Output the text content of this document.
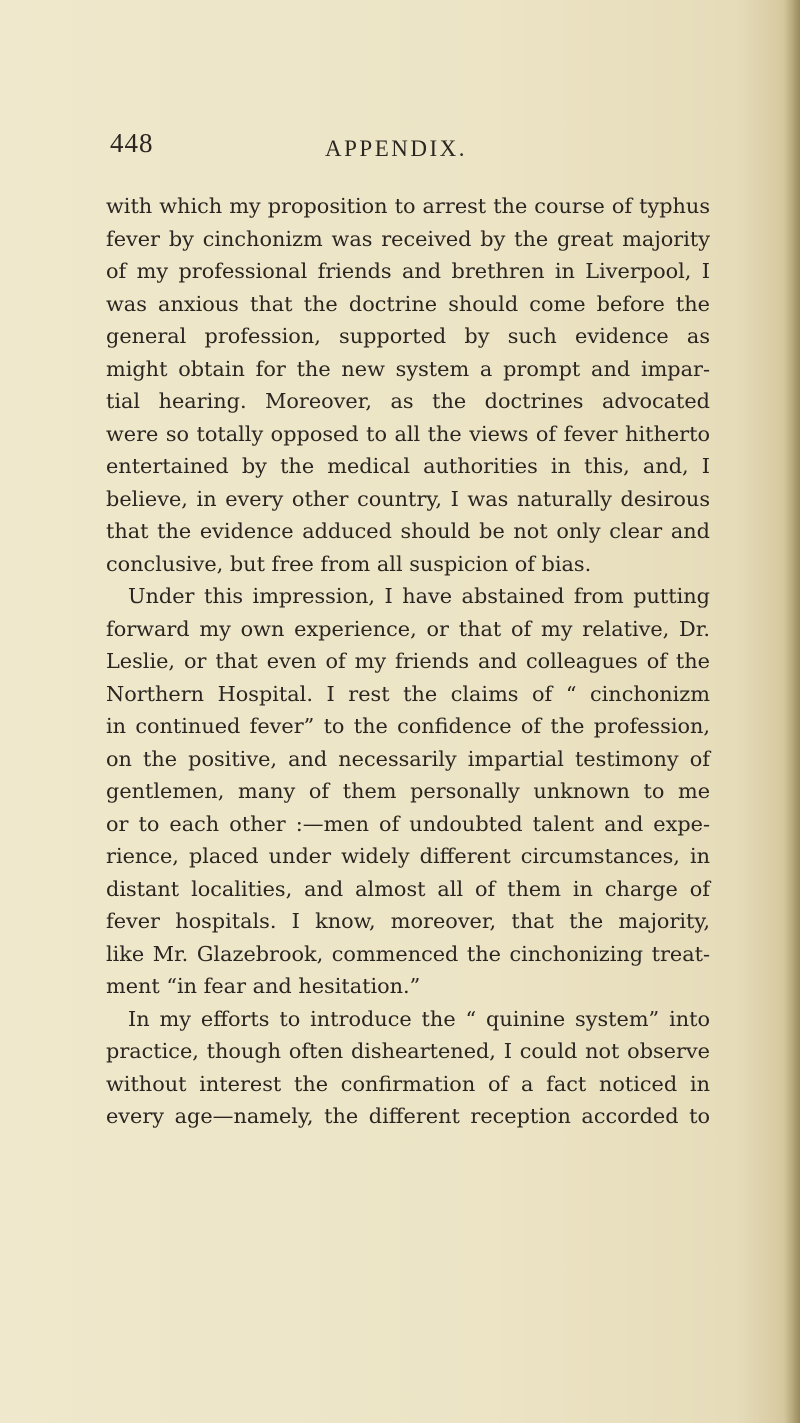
448	APPENDIX.
with which my proposition to arrest the course of typhus
fever by cinchonizm was received by the great majority
of my professional friends and brethren in Liverpool, I
was anxious that the doctrine should come before the
general profession, supported by such evidence as
might obtain for the new system a prompt and impar-
tial hearing. Moreover, as the doctrines advocated
were so totally opposed to all the views of fever hitherto
entertained by the medical authorities in this, and, I
believe, in every other country, I was naturally desirous
that the evidence adduced should be not only clear and
conclusive, but free from all suspicion of bias.
Under this impression, I have abstained from putting
forward my own experience, or that of my relative, Dr.
Leslie, or that even of my friends and colleagues of the
Northern Hospital. I rest the claims of “ cinchonizm
in continued fever” to the confidence of the profession,
on the positive, and necessarily impartial testimony of
gentlemen, many of them personally unknown to me
or to each other :—men of undoubted talent and expe-
rience, placed under widely different circumstances, in
distant localities, and almost all of them in charge of
fever hospitals. I know, moreover, that the majority,
like Mr. Glazebrook, commenced the cinchonizing treat-
ment “in fear and hesitation.”
In my efforts to introduce the “ quinine system” into
practice, though often disheartened, I could not observe
without interest the confirmation of a fact noticed in
every age—namely, the different reception accorded to
